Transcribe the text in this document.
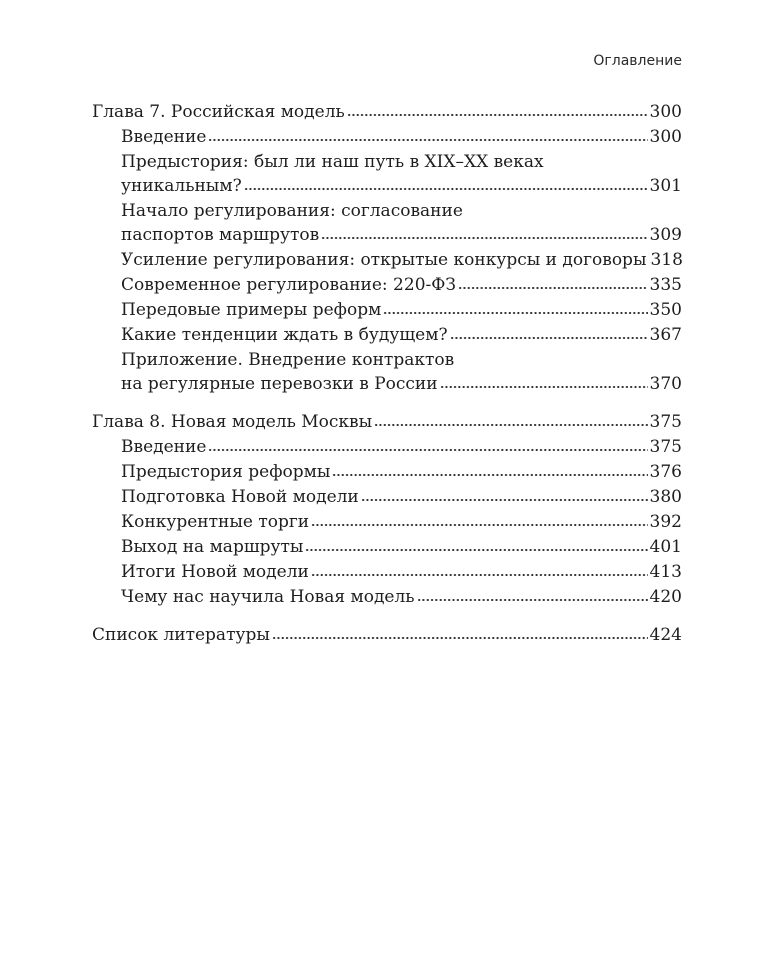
Оглавление
Глава 7. Российская модель	300
Введение	300
Предыстория: был ли наш путь в XIX–XX веках
уникальным?	301
Начало регулирования: согласование
паспортов маршрутов	309
Усиление регулирования: открытые конкурсы и договоры 318
Современное регулирование: 220-ФЗ	335
Передовые примеры реформ	350
Какие тенденции ждать в будущем?	367
Приложение. Внедрение контрактов
на регулярные перевозки в России	370
Глава 8. Новая модель Москвы	375
Введение	375
Предыстория реформы	376
Подготовка Новой модели	380
Конкурентные торги	392
Выход на маршруты	401
Итоги Новой модели	413
Чему нас научила Новая модель	420
Список литературы	424
